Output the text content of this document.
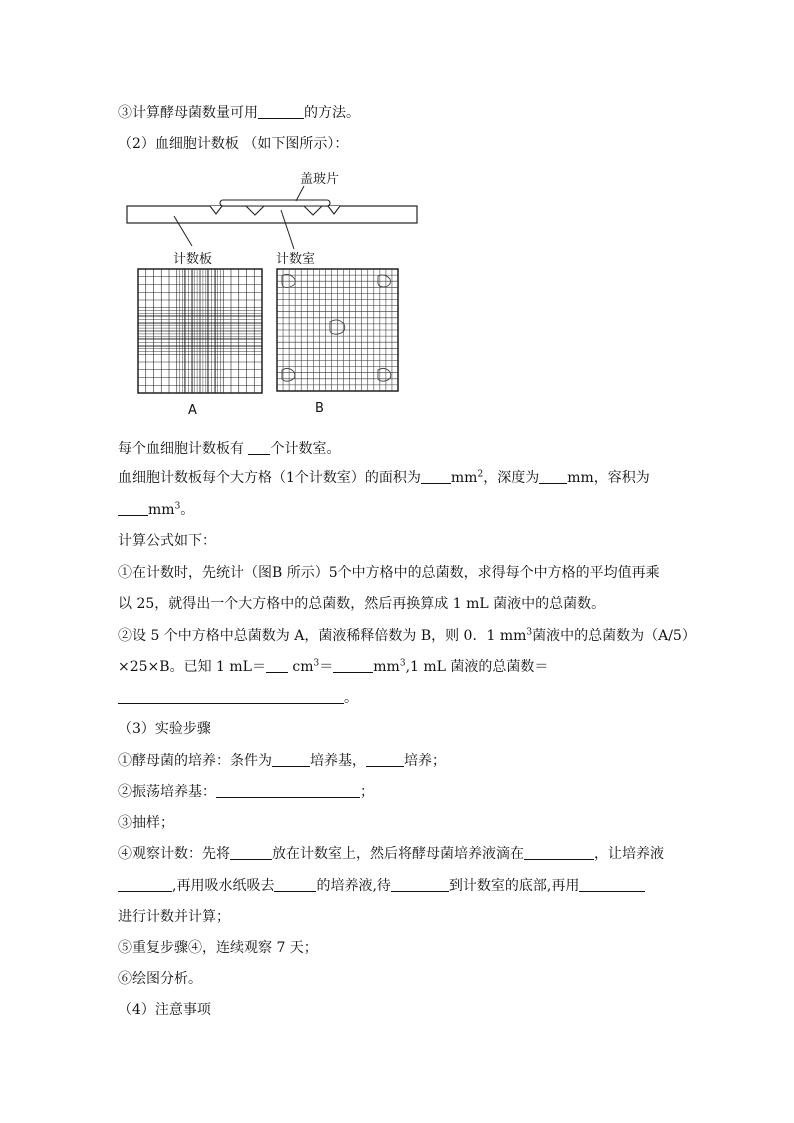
③计算酵母菌数量可用	的方法。

（2）血细胞计数板 （如下图所示）：

盖玻片
计数板	计数室
A	B

每个血细胞计数板有 个计数室。

血细胞计数板每个大方格（1个计数室）的面积为 $mm^2$，深度为 mm，容积为

$mm^3$。

计算公式如下：

①在计数时，先统计（图B 所示）5个中方格中的总菌数，求得每个中方格的平均值再乘

以 25，就得出一个大方格中的总菌数，然后再换算成 1 mL 菌液中的总菌数。

②设 5 个中方格中总菌数为 A，菌液稀释倍数为 B，则 0．1 $mm^3$菌液中的总菌数为（A/5）

×25×B。已知 1 $mL= cm^3=$	$mm^3,1$ mL 菌液的总菌数＝

。

（3）实验步骤

①酵母菌的培养：条件为	培养基，	培养；

②振荡培养基：	；

③抽样；

④观察计数：先将	放在计数室上，然后将酵母菌培养液滴在	，让培养液

,再用吸水纸吸去	的培养液,待	到计数室的底部,再用

进行计数并计算；

⑤重复步骤④，连续观察 7 天；

⑥绘图分析。

（4）注意事项
